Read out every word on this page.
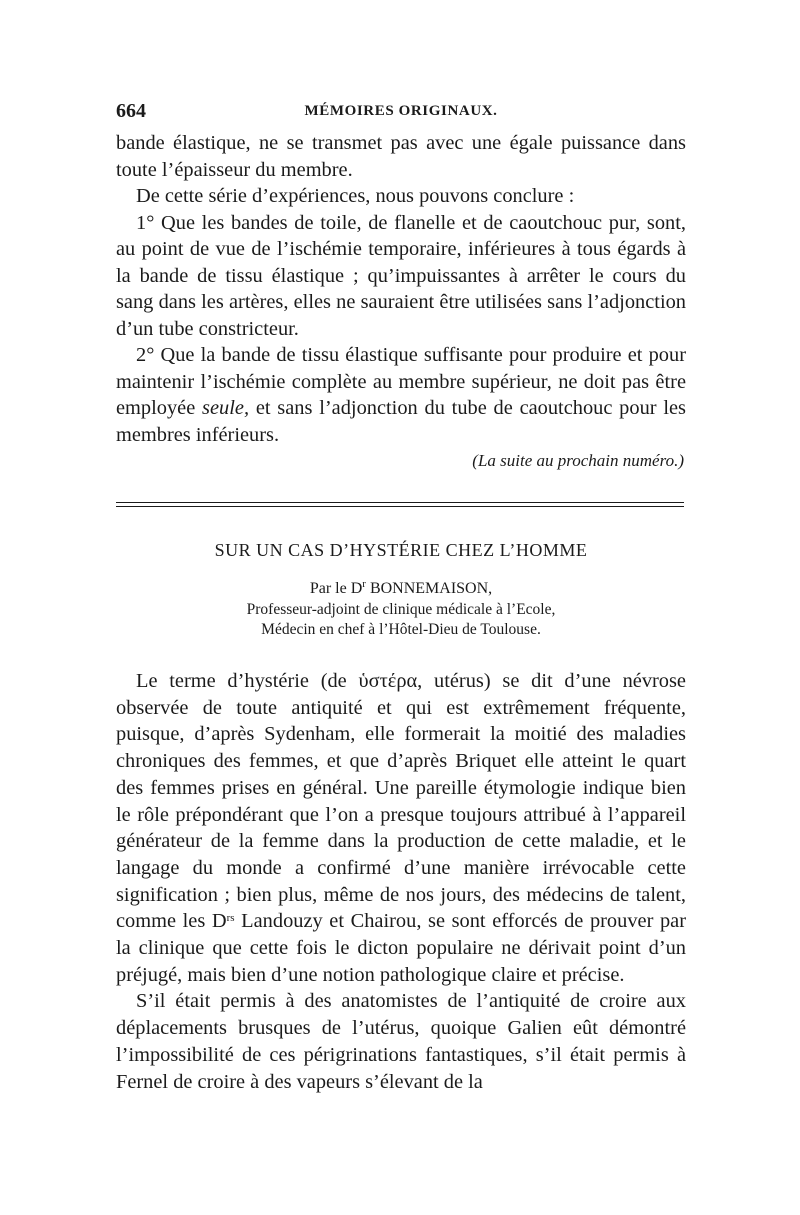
664	MÉMOIRES ORIGINAUX.

bande élastique, ne se transmet pas avec une égale puissance dans toute l’épaisseur du membre.

De cette série d’expériences, nous pouvons conclure :

1° Que les bandes de toile, de flanelle et de caoutchouc pur, sont, au point de vue de l’ischémie temporaire, inférieures à tous égards à la bande de tissu élastique ; qu’impuissantes à arrêter le cours du sang dans les artères, elles ne sauraient être utilisées sans l’adjonction d’un tube constricteur.

2° Que la bande de tissu élastique suffisante pour produire et pour maintenir l’ischémie complète au membre supérieur, ne doit pas être employée seule, et sans l’adjonction du tube de caoutchouc pour les membres inférieurs.

(La suite au prochain numéro.)

SUR UN CAS D’HYSTÉRIE CHEZ L’HOMME
Par le $D^r$ BONNEMAISON,
Professeur-adjoint de clinique médicale à l’Ecole,
Médecin en chef à l’Hôtel-Dieu de Toulouse.

Le terme d’hystérie (de ὑστέρα, utérus) se dit d’une névrose observée de toute antiquité et qui est extrêmement fréquente, puisque, d’après Sydenham, elle formerait la moitié des maladies chroniques des femmes, et que d’après Briquet elle atteint le quart des femmes prises en général. Une pareille étymologie indique bien le rôle prépondérant que l’on a presque toujours attribué à l’appareil générateur de la femme dans la production de cette maladie, et le langage du monde a confirmé d’une manière irrévocable cette signification ; bien plus, même de nos jours, des médecins de talent, comme les $D^{rs}$ Landouzy et Chairou, se sont efforcés de prouver par la clinique que cette fois le dicton populaire ne dérivait point d’un préjugé, mais bien d’une notion pathologique claire et précise.

S’il était permis à des anatomistes de l’antiquité de croire aux déplacements brusques de l’utérus, quoique Galien eût démontré l’impossibilité de ces périgrinations fantastiques, s’il était permis à Fernel de croire à des vapeurs s’élevant de la
